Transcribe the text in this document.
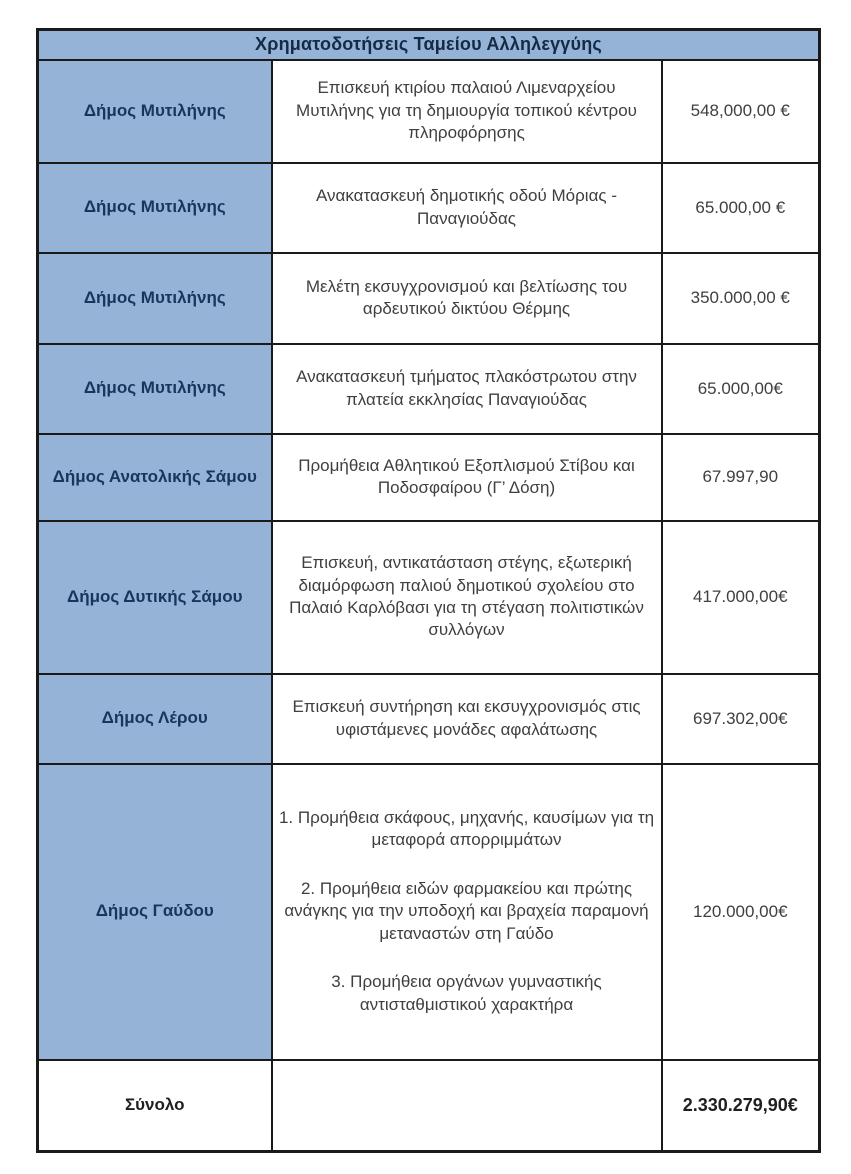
Χρηματοδοτήσεις Ταμείου Αλληλεγγύης		
Δήμος Μυτιλήνης	Επισκευή κτιρίου παλαιού Λιμεναρχείου Μυτιλήνης για τη δημιουργία τοπικού κέντρου πληροφόρησης	548,000,00 €
Δήμος Μυτιλήνης	Ανακατασκευή δημοτικής οδού Μόριας - Παναγιούδας	65.000,00 €
Δήμος Μυτιλήνης	Μελέτη εκσυγχρονισμού και βελτίωσης του αρδευτικού δικτύου Θέρμης	350.000,00 €
Δήμος Μυτιλήνης	Ανακατασκευή τμήματος πλακόστρωτου στην πλατεία εκκλησίας Παναγιούδας	65.000,00€
Δήμος Ανατολικής Σάμου	Προμήθεια Αθλητικού Εξοπλισμού Στίβου και Ποδοσφαίρου (Γ’ Δόση)	67.997,90
Δήμος Δυτικής Σάμου	Επισκευή, αντικατάσταση στέγης, εξωτερική διαμόρφωση παλιού δημοτικού σχολείου στο Παλαιό Καρλόβασι για τη στέγαση πολιτιστικών συλλόγων	417.000,00€
Δήμος Λέρου	Επισκευή συντήρηση και εκσυγχρονισμός στις υφιστάμενες μονάδες αφαλάτωσης	697.302,00€
Δήμος Γαύδου	1. Προμήθεια σκάφους, μηχανής, καυσίμων για τη μεταφορά απορριμμάτων

2. Προμήθεια ειδών φαρμακείου και πρώτης ανάγκης για την υποδοχή και βραχεία παραμονή μεταναστών στη Γαύδο

3. Προμήθεια οργάνων γυμναστικής αντισταθμιστικού χαρακτήρα	120.000,00€
Σύνολο		2.330.279,90€
